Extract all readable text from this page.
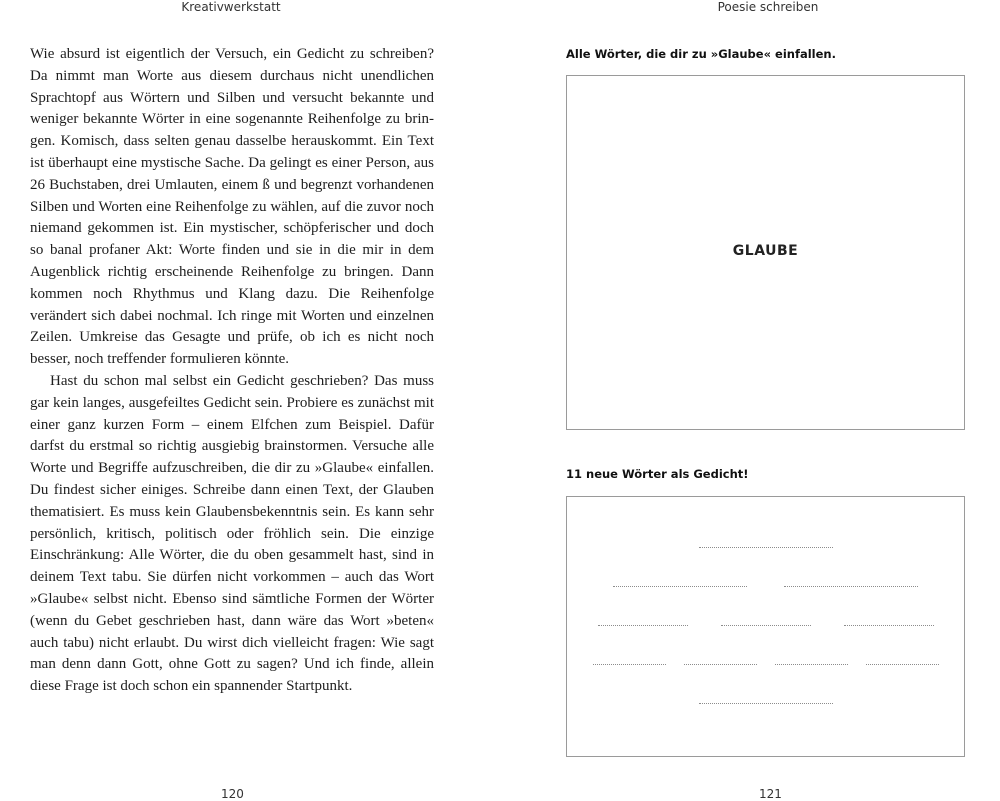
Kreativwerkstatt

Wie absurd ist eigentlich der Versuch, ein Gedicht zu schreiben? Da nimmt man Worte aus diesem durchaus nicht unendlichen Sprachtopf aus Wörtern und Silben und versucht bekannte und weniger bekannte Wörter in eine sogenannte Reihenfolge zu bringen. Komisch, dass selten genau dasselbe herauskommt. Ein Text ist überhaupt eine mystische Sache. Da gelingt es einer Person, aus 26 Buchstaben, drei Umlauten, einem ß und begrenzt vorhandenen Silben und Worten eine Reihenfolge zu wählen, auf die zuvor noch niemand gekommen ist. Ein mystischer, schöpferischer und doch so banal profaner Akt: Worte finden und sie in die mir in dem Augenblick richtig erscheinende Reihenfolge zu bringen. Dann kommen noch Rhythmus und Klang dazu. Die Reihenfolge verändert sich dabei nochmal. Ich ringe mit Worten und einzelnen Zeilen. Umkreise das Gesagte und prüfe, ob ich es nicht noch besser, noch treffender formulieren könnte.

Hast du schon mal selbst ein Gedicht geschrieben? Das muss gar kein langes, ausgefeiltes Gedicht sein. Probiere es zunächst mit einer ganz kurzen Form – einem Elfchen zum Beispiel. Dafür darfst du erstmal so richtig ausgiebig brainstormen. Versuche alle Worte und Begriffe aufzuschreiben, die dir zu »Glaube« einfallen. Du findest sicher einiges. Schreibe dann einen Text, der Glauben thematisiert. Es muss kein Glaubensbekenntnis sein. Es kann sehr persönlich, kritisch, politisch oder fröhlich sein. Die einzige Einschränkung: Alle Wörter, die du oben gesammelt hast, sind in deinem Text tabu. Sie dürfen nicht vorkommen – auch das Wort »Glaube« selbst nicht. Ebenso sind sämtliche Formen der Wörter (wenn du Gebet geschrieben hast, dann wäre das Wort »beten« auch tabu) nicht erlaubt. Du wirst dich vielleicht fragen: Wie sagt man denn dann Gott, ohne Gott zu sagen? Und ich finde, allein diese Frage ist doch schon ein spannender Startpunkt.

120
Poesie schreiben
Alle Wörter, die dir zu »Glaube« einfallen.
GLAUBE
11 neue Wörter als Gedicht!
121
